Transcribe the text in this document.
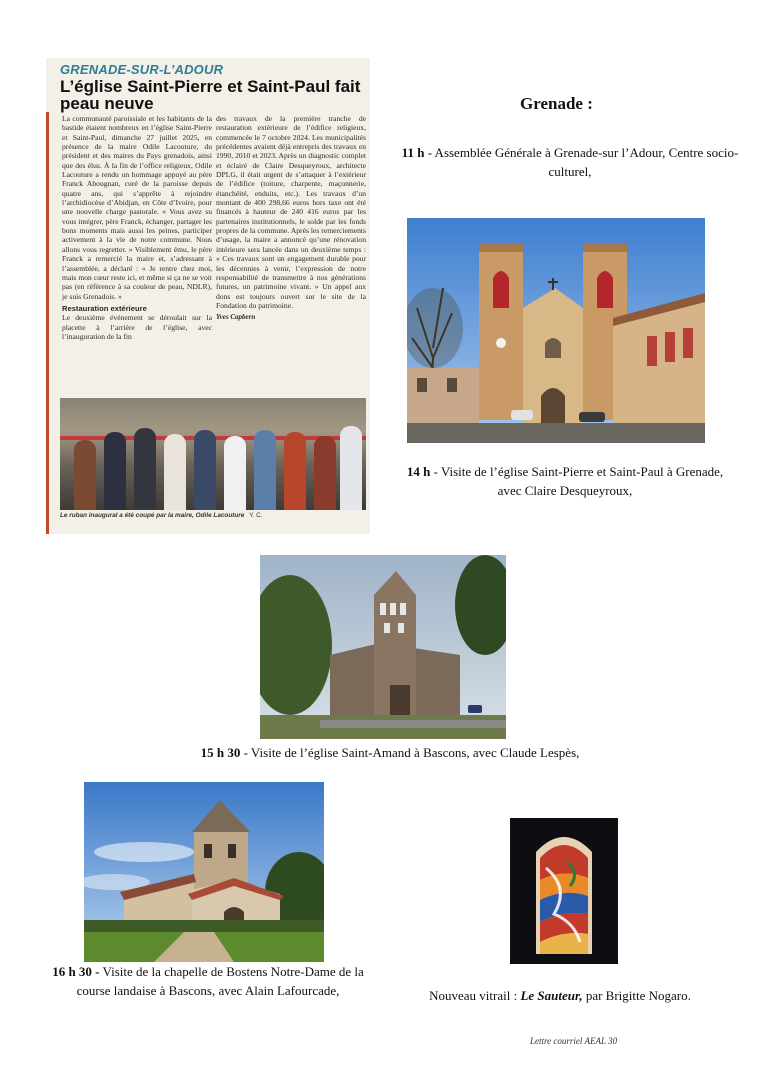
GRENADE-SUR-L’ADOUR
L’église Saint-Pierre et Saint-Paul fait peau neuve

La communauté paroissiale et les habitants de la bastide étaient nombreux en l’église Saint-Pierre et Saint-Paul, dimanche 27 juillet 2025, en présence de la maire Odile Lacouture, du président et des maires du Pays grenadois, ainsi que des élus. À la fin de l’office religieux, Odile Lacouture a rendu un hommage appuyé au père Franck Abougnan, curé de la paroisse depuis quatre ans, qui s’apprête à rejoindre l’archidiocèse d’Abidjan, en Côte d’Ivoire, pour une nouvelle charge pastorale. « Vous avez su vous intégrer, père Franck, échanger, partager les bons moments mais aussi les peines, participer activement à la vie de notre commune. Nous allons vous regretter. » Visiblement ému, le père Franck a remercié la maire et, s’adressant à l’assemblée, a déclaré : « Je rentre chez moi, mais mon cœur reste ici, et même si ça ne se voit pas (en référence à sa couleur de peau, NDLR), je suis Grenadois. »

Restauration extérieure

Le deuxième événement se déroulait sur la placette à l’arrière de l’église, avec l’inauguration de la fin

des travaux de la première tranche de restauration extérieure de l’édifice religieux, commencée le 7 octobre 2024. Les municipalités précédentes avaient déjà entrepris des travaux en 1990, 2010 et 2023. Après un diagnostic complet et éclairé de Claire Desqueyroux, architecte DPLG, il était urgent de s’attaquer à l’extérieur de l’édifice (toiture, charpente, maçonnerie, étanchéité, enduits, etc.). Les travaux d’un montant de 400 298,66 euros hors taxe ont été financés à hauteur de 240 416 euros par les partenaires institutionnels, le solde par les fonds propres de la commune. Après les remerciements d’usage, la maire a annoncé qu’une rénovation intérieure sera lancée dans un deuxième temps : « Ces travaux sont un engagement durable pour les décennies à venir, l’expression de notre responsabilité de transmettre à nos générations futures, un patrimoine vivant. » Un appel aux dons est toujours ouvert sur le site de la Fondation du patrimoine.

Yves Capbern

Le ruban inaugural a été coupé par la maire, Odile Lacouture Y. C.
Grenade :
11 h - Assemblée Générale à Grenade-sur l’Adour, Centre socio-culturel,
14 h - Visite de l’église Saint-Pierre et Saint-Paul à Grenade, avec Claire Desqueyroux,
15 h 30 - Visite de l’église Saint-Amand à Bascons, avec Claude Lespès,
16 h 30 - Visite de la chapelle de Bostens Notre-Dame de la course landaise à Bascons, avec Alain Lafourcade,	Nouveau vitrail : Le Sauteur, par Brigitte Nogaro.
Lettre courriel AEAL 30
